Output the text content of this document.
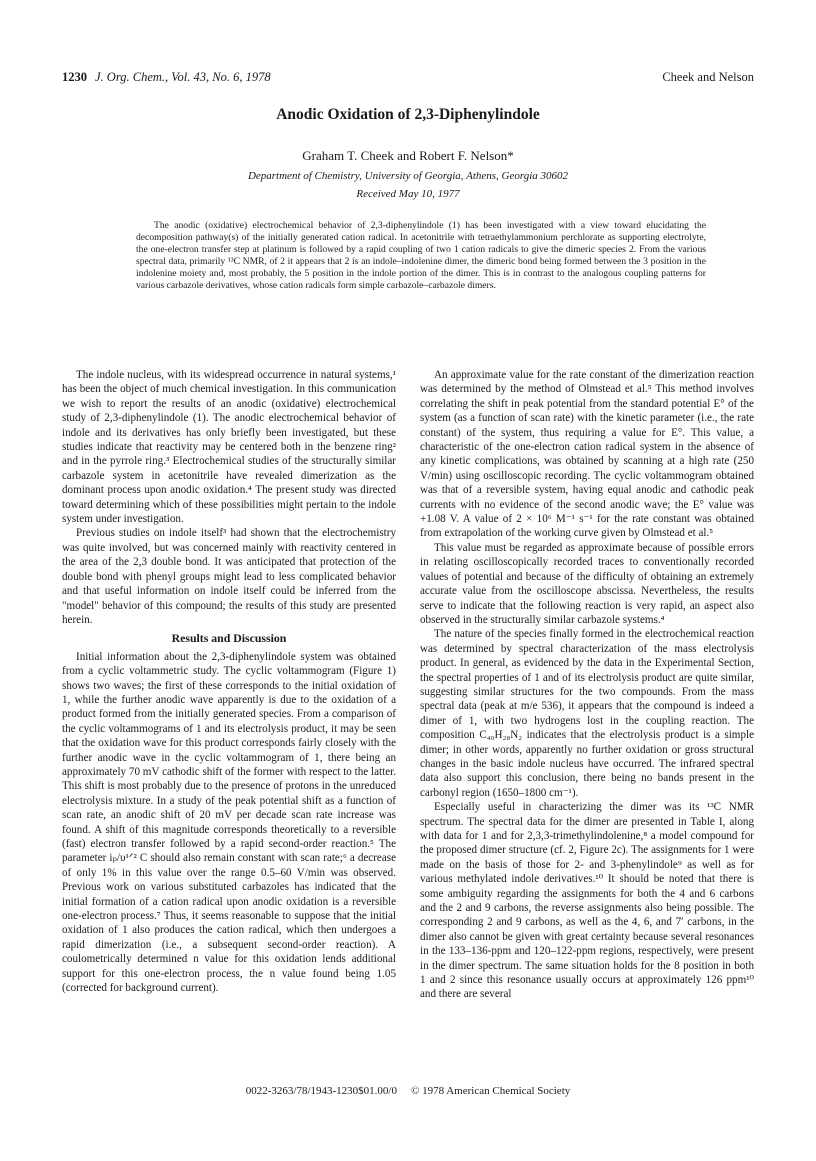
1230 J. Org. Chem., Vol. 43, No. 6, 1978	Cheek and Nelson
Anodic Oxidation of 2,3-Diphenylindole
Graham T. Cheek and Robert F. Nelson*
Department of Chemistry, University of Georgia, Athens, Georgia 30602
Received May 10, 1977

The anodic (oxidative) electrochemical behavior of 2,3-diphenylindole (1) has been investigated with a view toward elucidating the decomposition pathway(s) of the initially generated cation radical. In acetonitrile with tetraethylammonium perchlorate as supporting electrolyte, the one-electron transfer step at platinum is followed by a rapid coupling of two 1 cation radicals to give the dimeric species 2. From the various spectral data, primarily ¹³C NMR, of 2 it appears that 2 is an indole–indolenine dimer, the dimeric bond being formed between the 3 position in the indolenine moiety and, most probably, the 5 position in the indole portion of the dimer. This is in contrast to the analogous coupling patterns for various carbazole derivatives, whose cation radicals form simple carbazole–carbazole dimers.

The indole nucleus, with its widespread occurrence in natural systems,¹ has been the object of much chemical investigation. In this communication we wish to report the results of an anodic (oxidative) electrochemical study of 2,3-diphenylindole (1). The anodic electrochemical behavior of indole and its derivatives has only briefly been investigated, but these studies indicate that reactivity may be centered both in the benzene ring² and in the pyrrole ring.³ Electrochemical studies of the structurally similar carbazole system in acetonitrile have revealed dimerization as the dominant process upon anodic oxidation.⁴ The present study was directed toward determining which of these possibilities might pertain to the indole system under investigation.

Previous studies on indole itself³ had shown that the electrochemistry was quite involved, but was concerned mainly with reactivity centered in the area of the 2,3 double bond. It was anticipated that protection of the double bond with phenyl groups might lead to less complicated behavior and that useful information on indole itself could be inferred from the "model" behavior of this compound; the results of this study are presented herein.

Results and Discussion

Initial information about the 2,3-diphenylindole system was obtained from a cyclic voltammetric study. The cyclic voltammogram (Figure 1) shows two waves; the first of these corresponds to the initial oxidation of 1, while the further anodic wave apparently is due to the oxidation of a product formed from the initially generated species. From a comparison of the cyclic voltammograms of 1 and its electrolysis product, it may be seen that the oxidation wave for this product corresponds fairly closely with the further anodic wave in the cyclic voltammogram of 1, there being an approximately 70 mV cathodic shift of the former with respect to the latter. This shift is most probably due to the presence of protons in the unreduced electrolysis mixture. In a study of the peak potential shift as a function of scan rate, an anodic shift of 20 mV per decade scan rate increase was found. A shift of this magnitude corresponds theoretically to a reversible (fast) electron transfer followed by a rapid second-order reaction.⁵ The parameter iₚ/υ¹ᐟ² C should also remain constant with scan rate;⁶ a decrease of only 1% in this value over the range 0.5–60 V/min was observed. Previous work on various substituted carbazoles has indicated that the initial formation of a cation radical upon anodic oxidation is a reversible one-electron process.⁷ Thus, it seems reasonable to suppose that the initial oxidation of 1 also produces the cation radical, which then undergoes a rapid dimerization (i.e., a subsequent second-order reaction). A coulometrically determined n value for this oxidation lends additional support for this one-electron process, the n value found being 1.05 (corrected for background current).

An approximate value for the rate constant of the dimerization reaction was determined by the method of Olmstead et al.⁵ This method involves correlating the shift in peak potential from the standard potential E° of the system (as a function of scan rate) with the kinetic parameter (i.e., the rate constant) of the system, thus requiring a value for E°. This value, a characteristic of the one-electron cation radical system in the absence of any kinetic complications, was obtained by scanning at a high rate (250 V/min) using oscilloscopic recording. The cyclic voltammogram obtained was that of a reversible system, having equal anodic and cathodic peak currents with no evidence of the second anodic wave; the E° value was +1.08 V. A value of 2 × 10⁶ M⁻¹ s⁻¹ for the rate constant was obtained from extrapolation of the working curve given by Olmstead et al.⁵

This value must be regarded as approximate because of possible errors in relating oscilloscopically recorded traces to conventionally recorded values of potential and because of the difficulty of obtaining an extremely accurate value from the oscilloscope abscissa. Nevertheless, the results serve to indicate that the following reaction is very rapid, an aspect also observed in the structurally similar carbazole systems.⁴

The nature of the species finally formed in the electrochemical reaction was determined by spectral characterization of the mass electrolysis product. In general, as evidenced by the data in the Experimental Section, the spectral properties of 1 and of its electrolysis product are quite similar, suggesting similar structures for the two compounds. From the mass spectral data (peak at m/e 536), it appears that the compound is indeed a dimer of 1, with two hydrogens lost in the coupling reaction. The composition C₄₀H₂₈N₂ indicates that the electrolysis product is a simple dimer; in other words, apparently no further oxidation or gross structural changes in the basic indole nucleus have occurred. The infrared spectral data also support this conclusion, there being no bands present in the carbonyl region (1650–1800 cm⁻¹).

Especially useful in characterizing the dimer was its ¹³C NMR spectrum. The spectral data for the dimer are presented in Table I, along with data for 1 and for 2,3,3-trimethylindolenine,⁸ a model compound for the proposed dimer structure (cf. 2, Figure 2c). The assignments for 1 were made on the basis of those for 2- and 3-phenylindole⁹ as well as for various methylated indole derivatives.¹⁰ It should be noted that there is some ambiguity regarding the assignments for both the 4 and 6 carbons and the 2 and 9 carbons, the reverse assignments also being possible. The corresponding 2 and 9 carbons, as well as the 4, 6, and 7′ carbons, in the dimer also cannot be given with great certainty because several resonances in the 133–136-ppm and 120–122-ppm regions, respectively, were present in the dimer spectrum. The same situation holds for the 8 position in both 1 and 2 since this resonance usually occurs at approximately 126 ppm¹⁰ and there are several

0022-3263/78/1943-1230$01.00/0 © 1978 American Chemical Society
